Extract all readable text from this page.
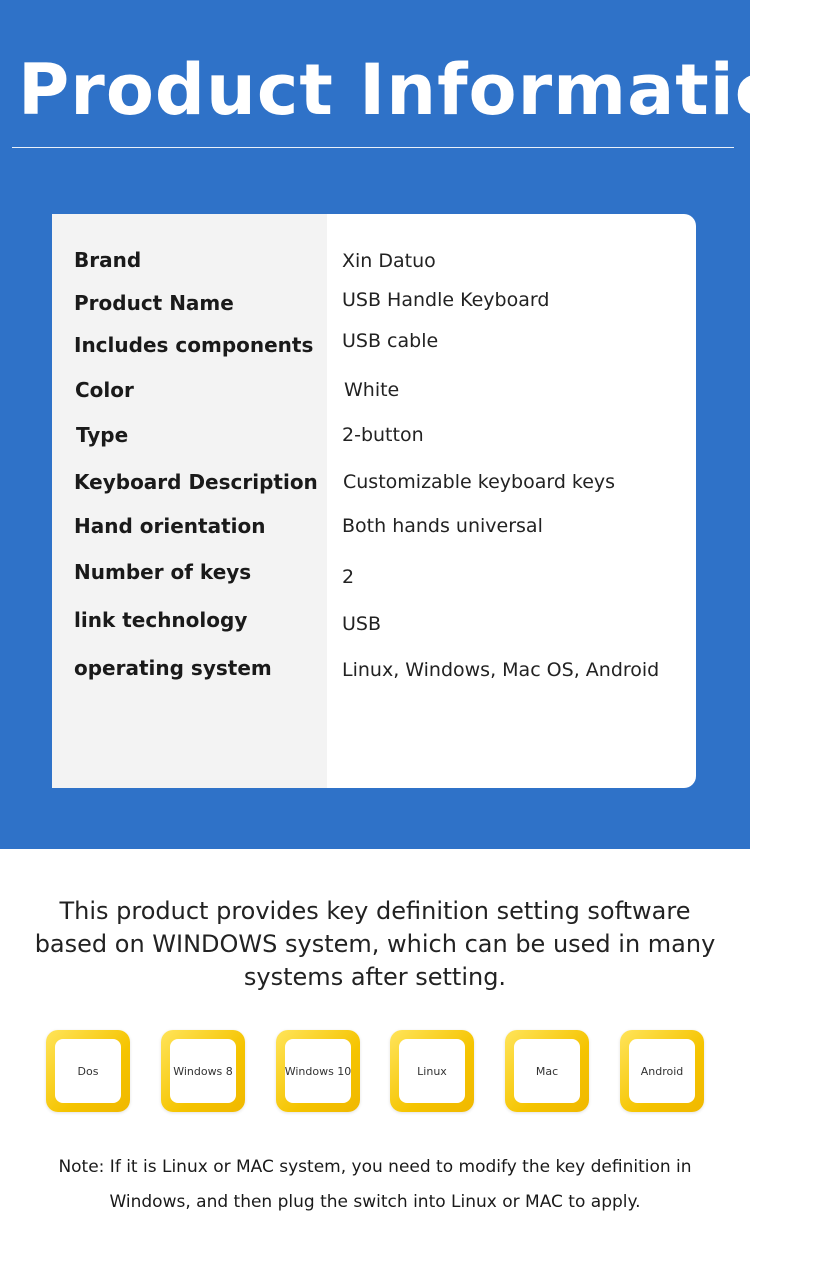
Product Information
Brand	Xin Datuo
Product Name	USB Handle Keyboard
Includes components	USB cable
Color	White
Type	2-button
Keyboard Description	Customizable keyboard keys
Hand orientation	Both hands universal
Number of keys	2
link technology	USB
operating system	Linux, Windows, Mac OS, Android
This product provides key definition setting software based on WINDOWS system, which can be used in many systems after setting.
Dos	Windows 8	Windows 10	Linux	Mac	Android
Note: If it is Linux or MAC system, you need to modify the key definition in Windows, and then plug the switch into Linux or MAC to apply.
